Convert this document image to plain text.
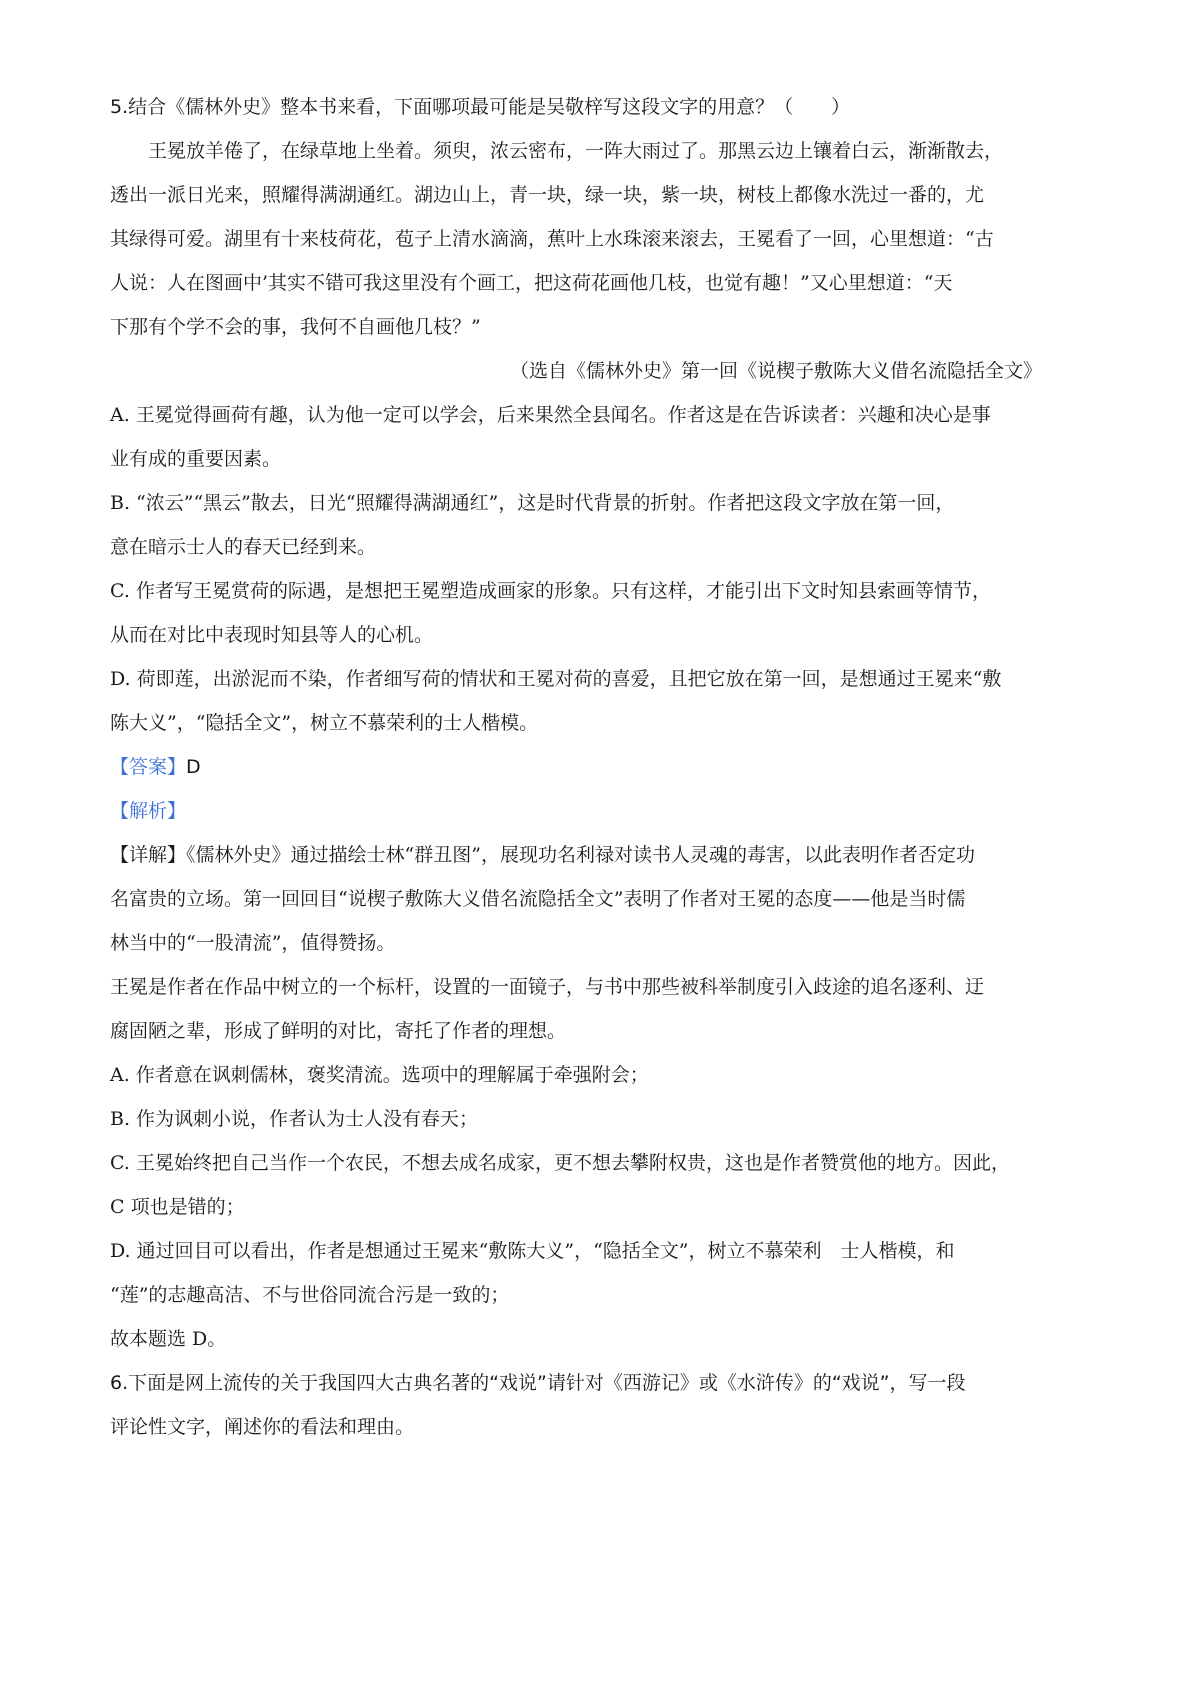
5.结合《儒林外史》整本书来看，下面哪项最可能是吴敬梓写这段文字的用意？（　　）
王冕放羊倦了，在绿草地上坐着。须臾，浓云密布，一阵大雨过了。那黑云边上镶着白云，渐渐散去，
透出一派日光来，照耀得满湖通红。湖边山上，青一块，绿一块，紫一块，树枝上都像水洗过一番的，尤
其绿得可爱。湖里有十来枝荷花，苞子上清水滴滴，蕉叶上水珠滚来滚去，王冕看了一回，心里想道：“古
人说：人在图画中’其实不错可我这里没有个画工，把这荷花画他几枝，也觉有趣！”又心里想道：“天
下那有个学不会的事，我何不自画他几枝？”
（选自《儒林外史》第一回《说楔子敷陈大义借名流隐括全文》
A. 王冕觉得画荷有趣，认为他一定可以学会，后来果然全县闻名。作者这是在告诉读者：兴趣和决心是事
业有成的重要因素。
B. “浓云”“黑云”散去，日光“照耀得满湖通红”，这是时代背景的折射。作者把这段文字放在第一回，
意在暗示士人的春天已经到来。
C. 作者写王冕赏荷的际遇，是想把王冕塑造成画家的形象。只有这样，才能引出下文时知县索画等情节，
从而在对比中表现时知县等人的心机。
D. 荷即莲，出淤泥而不染，作者细写荷的情状和王冕对荷的喜爱，且把它放在第一回，是想通过王冕来“敷
陈大义”，“隐括全文”，树立不慕荣利的士人楷模。
【答案】D
【解析】
【详解】《儒林外史》通过描绘士林“群丑图”，展现功名利禄对读书人灵魂的毒害，以此表明作者否定功
名富贵的立场。第一回回目“说楔子敷陈大义借名流隐括全文”表明了作者对王冕的态度——他是当时儒
林当中的“一股清流”，值得赞扬。
王冕是作者在作品中树立的一个标杆，设置的一面镜子，与书中那些被科举制度引入歧途的追名逐利、迂
腐固陋之辈，形成了鲜明的对比，寄托了作者的理想。
A. 作者意在讽刺儒林，褒奖清流。选项中的理解属于牵强附会；
B. 作为讽刺小说，作者认为士人没有春天；
C. 王冕始终把自己当作一个农民，不想去成名成家，更不想去攀附权贵，这也是作者赞赏他的地方。因此，
C 项也是错的；
D. 通过回目可以看出，作者是想通过王冕来“敷陈大义”，“隐括全文”，树立不慕荣利　士人楷模，和
“莲”的志趣高洁、不与世俗同流合污是一致的；
故本题选 D。
6.下面是网上流传的关于我国四大古典名著的“戏说”请针对《西游记》或《水浒传》的“戏说”，写一段
评论性文字，阐述你的看法和理由。
